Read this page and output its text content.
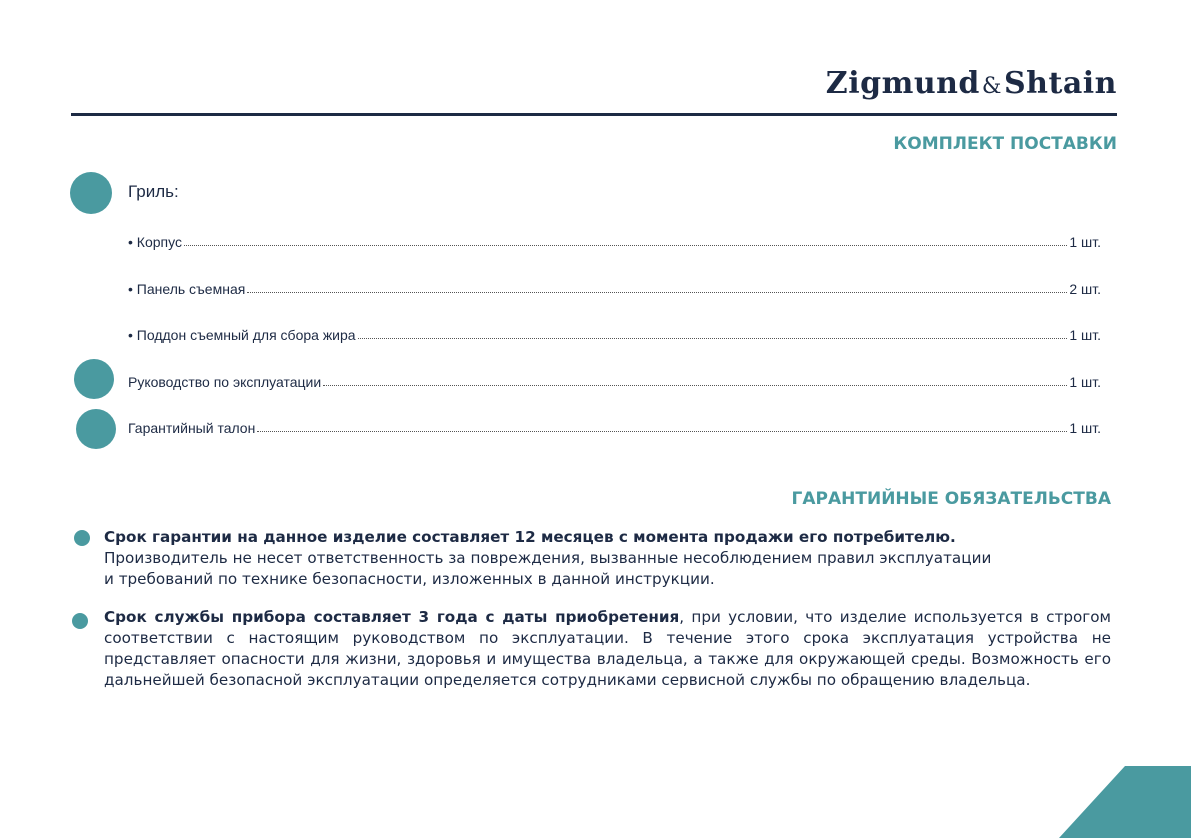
Zigmund&Shtain
КОМПЛЕКТ ПОСТАВКИ
Гриль:
• Корпус	1 шт.
• Панель съемная	2 шт.
• Поддон съемный для сбора жира	1 шт.
Руководство по эксплуатации	1 шт.
Гарантийный талон	1 шт.
ГАРАНТИЙНЫЕ ОБЯЗАТЕЛЬСТВА
Срок гарантии на данное изделие составляет 12 месяцев с момента продажи его потребителю.
Производитель не несет ответственность за повреждения, вызванные несоблюдением правил эксплуатации
и требований по технике безопасности, изложенных в данной инструкции.
Срок службы прибора составляет 3 года с даты приобретения, при условии, что изделие используется в строгом соответствии с настоящим руководством по эксплуатации. В течение этого срока эксплуатация устройства не представляет опасности для жизни, здоровья и имущества владельца, а также для окружающей среды. Возможность его дальнейшей безопасной эксплуатации определяется сотрудниками сервисной службы по обращению владельца.
